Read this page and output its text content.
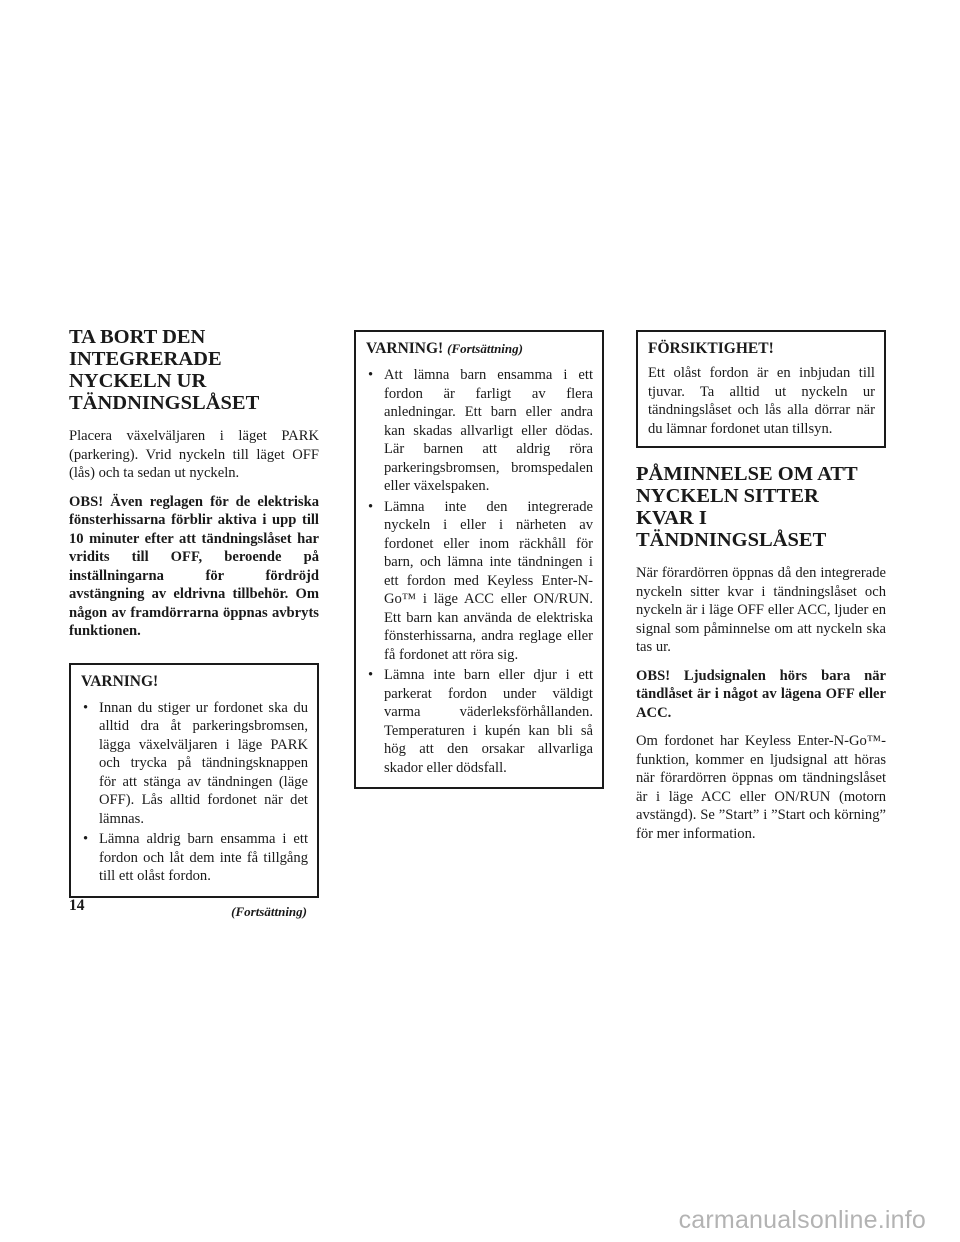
TA BORT DEN INTEGRERADE NYCKELN UR TÄNDNINGSLÅSET

Placera växelväljaren i läget PARK (parkering). Vrid nyckeln till läget OFF (lås) och ta sedan ut nyckeln.

OBS! Även reglagen för de elektriska fönsterhissarna förblir aktiva i upp till 10 minuter efter att tändningslåset har vridits till OFF, beroende på inställningarna för fördröjd avstängning av eldrivna tillbehör. Om någon av framdörrarna öppnas avbryts funktionen.

VARNING!
• Innan du stiger ur fordonet ska du alltid dra åt parkeringsbromsen, lägga växelväljaren i läge PARK och trycka på tändningsknappen för att stänga av tändningen (läge OFF). Lås alltid fordonet när det lämnas.
• Lämna aldrig barn ensamma i ett fordon och låt dem inte få tillgång till ett olåst fordon.
(Fortsättning)
VARNING! (Fortsättning)
• Att lämna barn ensamma i ett fordon är farligt av flera anledningar. Ett barn eller andra kan skadas allvarligt eller dödas. Lär barnen att aldrig röra parkeringsbromsen, bromspedalen eller växelspaken.
• Lämna inte den integrerade nyckeln i eller i närheten av fordonet eller inom räckhåll för barn, och lämna inte tändningen i ett fordon med Keyless Enter-N-Go™ i läge ACC eller ON/RUN. Ett barn kan använda de elektriska fönsterhissarna, andra reglage eller få fordonet att röra sig.
• Lämna inte barn eller djur i ett parkerat fordon under väldigt varma väderleksförhållanden. Temperaturen i kupén kan bli så hög att den orsakar allvarliga skador eller dödsfall.
FÖRSIKTIGHET!

Ett olåst fordon är en inbjudan till tjuvar. Ta alltid ut nyckeln ur tändningslåset och lås alla dörrar när du lämnar fordonet utan tillsyn.

PÅMINNELSE OM ATT NYCKELN SITTER KVAR I TÄNDNINGSLÅSET

När förardörren öppnas då den integrerade nyckeln sitter kvar i tändningslåset och nyckeln är i läge OFF eller ACC, ljuder en signal som påminnelse om att nyckeln ska tas ur.

OBS! Ljudsignalen hörs bara när tändlåset är i något av lägena OFF eller ACC.

Om fordonet har Keyless Enter-N-Go™-funktion, kommer en ljudsignal att höras när förardörren öppnas om tändningslåset är i läge ACC eller ON/RUN (motorn avstängd). Se ”Start” i ”Start och körning” för mer information.

14
carmanualsonline.info
